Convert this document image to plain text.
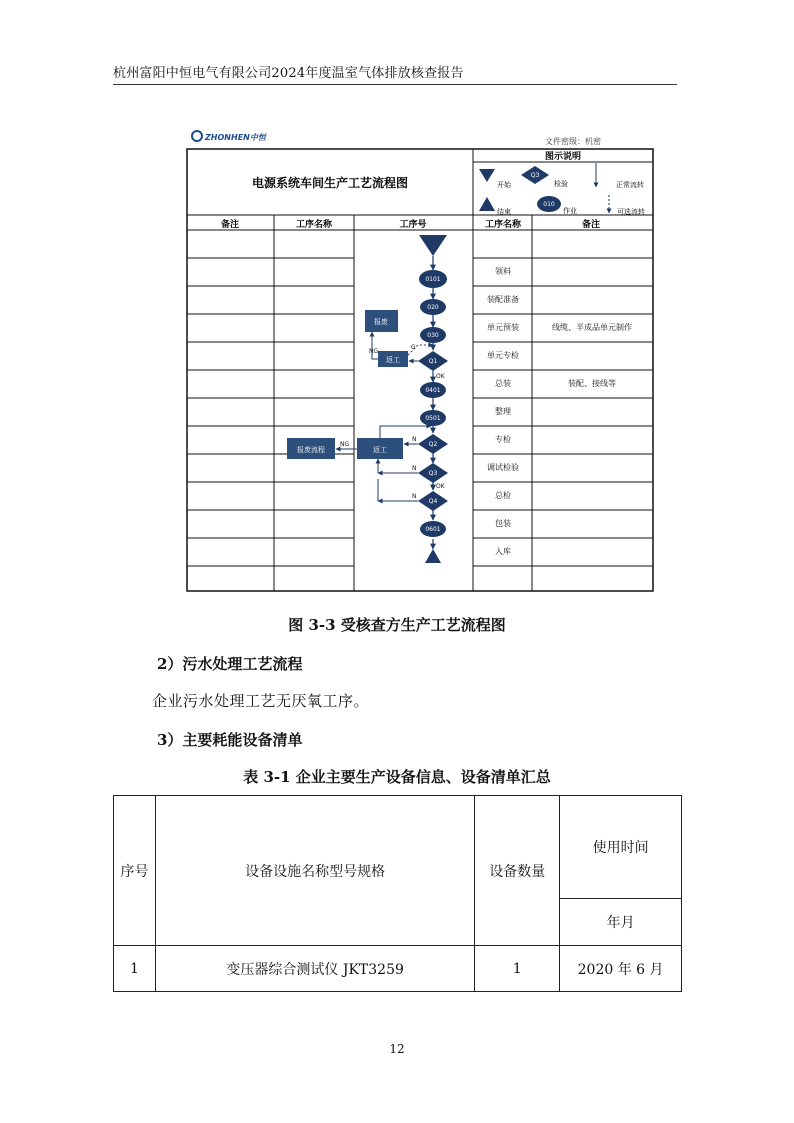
杭州富阳中恒电气有限公司2024年度温室气体排放核查报告
ZHONHEN中恒	文件密级：机密
电源系统车间生产工艺流程图
图示说明
开始
Q3
检验	正常流转
结束
010
作业	可选流转
备注	工序名称	工序号	工序名称	备注
领料
装配准备
单元预装	线缆、半成品单元制作
单元专检
总装	装配、接线等
整理
专检
调试检验
总检
包装
入库
0101
020
030
Q1
0401
0501
Q2
Q3
Q4
0601
报废
返工
返工
报废流程
NG
G
OK
NG
N
N
OK
N
图 3-3 受核查方生产工艺流程图
2）污水处理工艺流程
企业污水处理工艺无厌氧工序。
3）主要耗能设备清单
表 3-1 企业主要生产设备信息、设备清单汇总
序号	设备设施名称型号规格	设备数量	使用时间
			年月
1	变压器综合测试仪 JKT3259	1	2020 年 6 月
12
